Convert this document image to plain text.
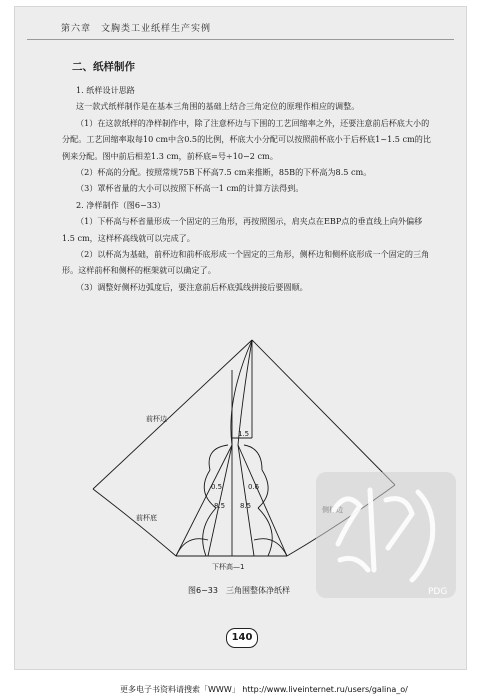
第六章　文胸类工业纸样生产实例
二、纸样制作

1. 纸样设计思路

这一款式纸样制作是在基本三角围的基础上结合三角定位的原理作相应的调整。

（1）在这款纸样的净样制作中，除了注意杯边与下围的工艺回缩率之外，还要注意前后杯底大小的分配。工艺回缩率取每10 cm中含0.5的比例，杯底大小分配可以按照前杯底小于后杯底1~1.5 cm的比例来分配。图中前后相差1.3 cm，前杯底=号÷10−2 cm。

（2）杯高的分配。按照常规75B下杯高7.5 cm来推断，85B的下杯高为8.5 cm。

（3）罩杯省量的大小可以按照下杯高一1 cm的计算方法得到。

2. 净样制作（图6−33）

（1）下杯高与杯省量形成一个固定的三角形，再按照图示，肩夹点在EBP点的垂直线上向外偏移1.5 cm，这样杯高线就可以完成了。

（2）以杯高为基础，前杯边和前杯底形成一个固定的三角形，侧杯边和侧杯底形成一个固定的三角形。这样前杯和侧杯的框架就可以确定了。

（3）调整好侧杯边弧度后，要注意前后杯底弧线拼接后要圆顺。

前杯边
前杯底
下杯高—1
1.5
0.5	0.6
8.5 8.5
图6−33　三角围整体净纸样	PDG
140
更多电子书资料请搜索「WWW」 http://www.liveinternet.ru/users/galina_o/
